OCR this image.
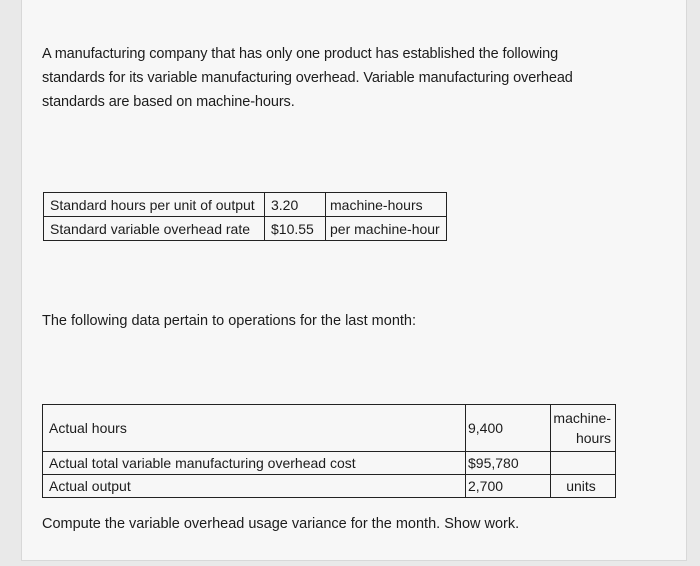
A manufacturing company that has only one product has established the following standards for its variable manufacturing overhead. Variable manufacturing overhead standards are based on machine-hours.
Standard hours per unit of output	3.20	machine-hours
Standard variable overhead rate	$10.55	per machine-hour
The following data pertain to operations for the last month:
Actual hours	9,400	machine-hours
Actual total variable manufacturing overhead cost	$95,780	
Actual output	2,700	units
Compute the variable overhead usage variance for the month. Show work.
